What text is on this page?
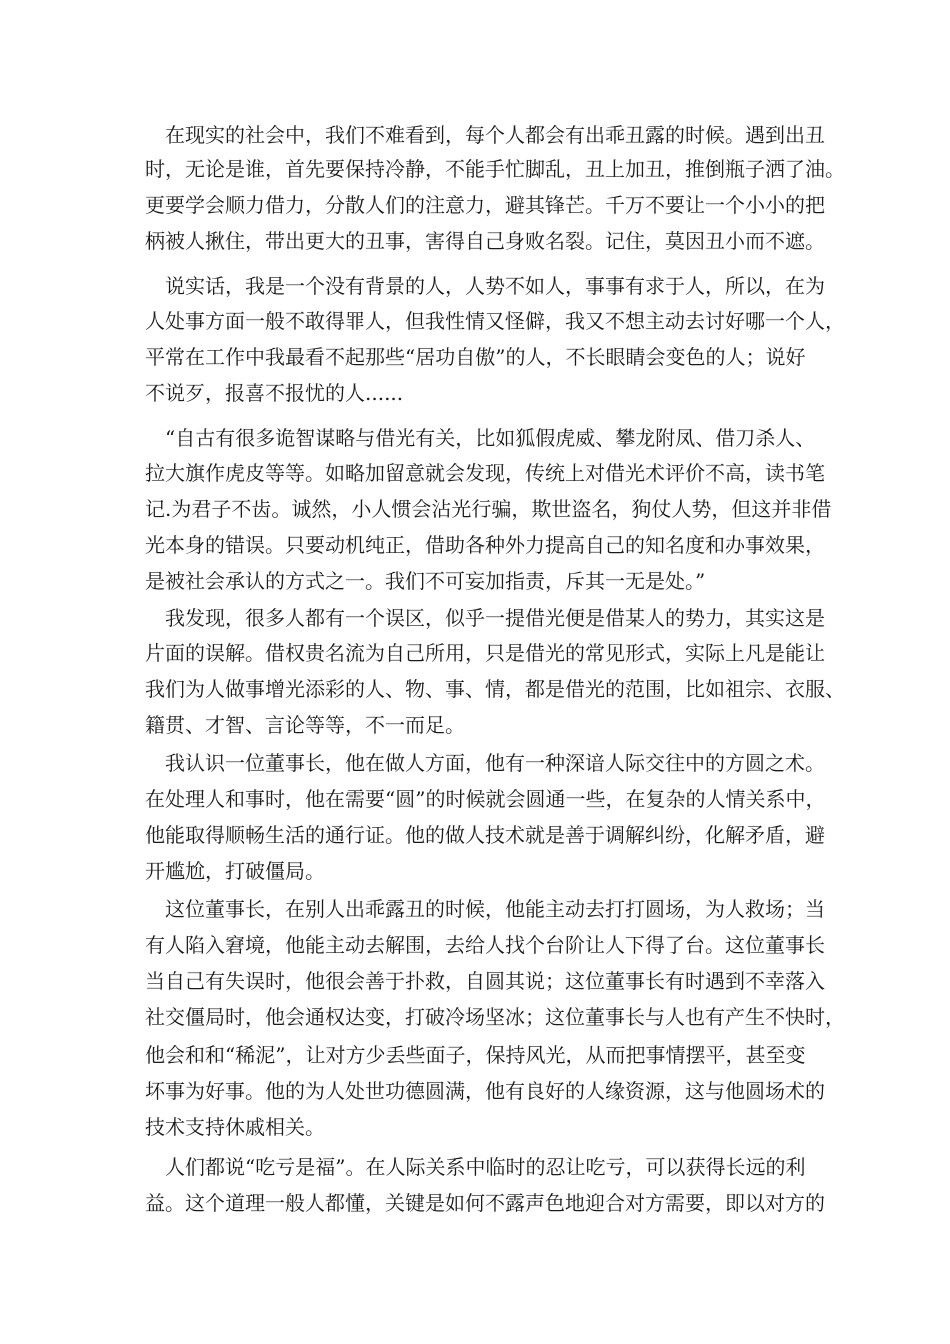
　在现实的社会中，我们不难看到，每个人都会有出乖丑露的时候。遇到出丑
时，无论是谁，首先要保持冷静，不能手忙脚乱，丑上加丑，推倒瓶子洒了油。
更要学会顺力借力，分散人们的注意力，避其锋芒。千万不要让一个小小的把
柄被人揪住，带出更大的丑事，害得自己身败名裂。记住，莫因丑小而不遮。
　说实话，我是一个没有背景的人，人势不如人，事事有求于人，所以，在为
人处事方面一般不敢得罪人，但我性情又怪僻，我又不想主动去讨好哪一个人，
平常在工作中我最看不起那些“居功自傲”的人，不长眼睛会变色的人；说好
不说歹，报喜不报忧的人......
　“自古有很多诡智谋略与借光有关，比如狐假虎威、攀龙附凤、借刀杀人、
拉大旗作虎皮等等。如略加留意就会发现，传统上对借光术评价不高，读书笔
记.为君子不齿。诚然，小人惯会沾光行骗，欺世盗名，狗仗人势，但这并非借
光本身的错误。只要动机纯正，借助各种外力提高自己的知名度和办事效果，
是被社会承认的方式之一。我们不可妄加指责，斥其一无是处。”
　我发现，很多人都有一个误区，似乎一提借光便是借某人的势力，其实这是
片面的误解。借权贵名流为自己所用，只是借光的常见形式，实际上凡是能让
我们为人做事增光添彩的人、物、事、情，都是借光的范围，比如祖宗、衣服、
籍贯、才智、言论等等，不一而足。
　我认识一位董事长，他在做人方面，他有一种深谙人际交往中的方圆之术。
在处理人和事时，他在需要“圆”的时候就会圆通一些，在复杂的人情关系中，
他能取得顺畅生活的通行证。他的做人技术就是善于调解纠纷，化解矛盾，避
开尴尬，打破僵局。
　这位董事长，在别人出乖露丑的时候，他能主动去打打圆场，为人救场；当
有人陷入窘境，他能主动去解围，去给人找个台阶让人下得了台。这位董事长
当自己有失误时，他很会善于扑救，自圆其说；这位董事长有时遇到不幸落入
社交僵局时，他会通权达变，打破冷场坚冰；这位董事长与人也有产生不快时，
他会和和“稀泥”，让对方少丢些面子，保持风光，从而把事情摆平，甚至变
坏事为好事。他的为人处世功德圆满，他有良好的人缘资源，这与他圆场术的
技术支持休戚相关。
　人们都说“吃亏是福”。在人际关系中临时的忍让吃亏，可以获得长远的利
益。这个道理一般人都懂，关键是如何不露声色地迎合对方需要，即以对方的
